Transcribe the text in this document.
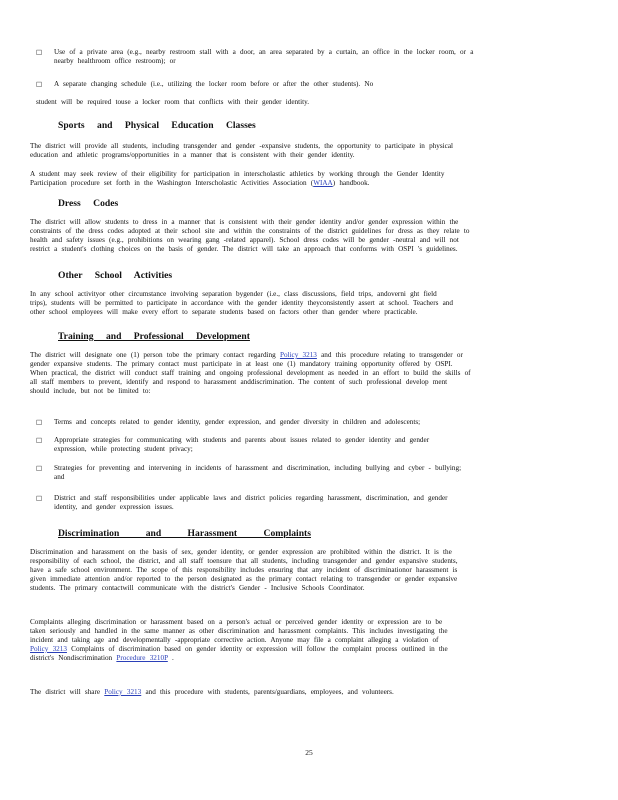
□ Use of a private area (e.g., nearby restroom stall with a door, an area separated by a curtain, an office in the locker room, or a
nearby healthroom office restroom); or
□ A separate changing schedule (i.e., utilizing the locker room before or after the other students). No
student will be required touse a locker room that conflicts with their gender identity.
Sports and Physical Education Classes
The district will provide all students, including transgender and gender -expansive students, the opportunity to participate in physical
education and athletic programs/opportunities in a manner that is consistent with their gender identity.
A student may seek review of their eligibility for participation in interscholastic athletics by working through the Gender Identity
Participation procedure set forth in the Washington Interscholastic Activities Association (WIAA) handbook.
Dress Codes
The district will allow students to dress in a manner that is consistent with their gender identity and/or gender expression within the
constraints of the dress codes adopted at their school site and within the constraints of the district guidelines for dress as they relate to
health and safety issues (e.g., prohibitions on wearing gang -related apparel). School dress codes will be gender -neutral and will not
restrict a student's clothing choices on the basis of gender. The district will take an approach that conforms with OSPI 's guidelines.
Other School Activities
In any school activityor other circumstance involving separation bygender (i.e., class discussions, field trips, andoverni ght field
trips), students will be permitted to participate in accordance with the gender identity theyconsistently assert at school. Teachers and
other school employees will make every effort to separate students based on factors other than gender where practicable.
Training and Professional Development
The district will designate one (1) person tobe the primary contact regarding Policy 3213 and this procedure relating to transgender or
gender expansive students. The primary contact must participate in at least one (1) mandatory training opportunity offered by OSPI.
When practical, the district will conduct staff training and ongoing professional development as needed in an effort to build the skills of
all staff members to prevent, identify and respond to harassment anddiscrimination. The content of such professional develop ment
should include, but not be limited to:
□ Terms and concepts related to gender identity, gender expression, and gender diversity in children and adolescents;
□ Appropriate strategies for communicating with students and parents about issues related to gender identity and gender
expression, while protecting student privacy;
□ Strategies for preventing and intervening in incidents of harassment and discrimination, including bullying and cyber - bullying;
and
□ District and staff responsibilities under applicable laws and district policies regarding harassment, discrimination, and gender
identity, and gender expression issues.
Discrimination and Harassment Complaints
Discrimination and harassment on the basis of sex, gender identity, or gender expression are prohibited within the district. It is the
responsibility of each school, the district, and all staff toensure that all students, including transgender and gender expansive students,
have a safe school environment. The scope of this responsibility includes ensuring that any incident of discriminationor harassment is
given immediate attention and/or reported to the person designated as the primary contact relating to transgender or gender expansive
students. The primary contactwill communicate with the district's Gender - Inclusive Schools Coordinator.
Complaints alleging discrimination or harassment based on a person's actual or perceived gender identity or expression are to be
taken seriously and handled in the same manner as other discrimination and harassment complaints. This includes investigating the
incident and taking age and developmentally -appropriate corrective action. Anyone may file a complaint alleging a violation of
Policy 3213 Complaints of discrimination based on gender identity or expression will follow the complaint process outlined in the
district's Nondiscrimination Procedure 3210P .
The district will share Policy 3213 and this procedure with students, parents/guardians, employees, and volunteers.
25
